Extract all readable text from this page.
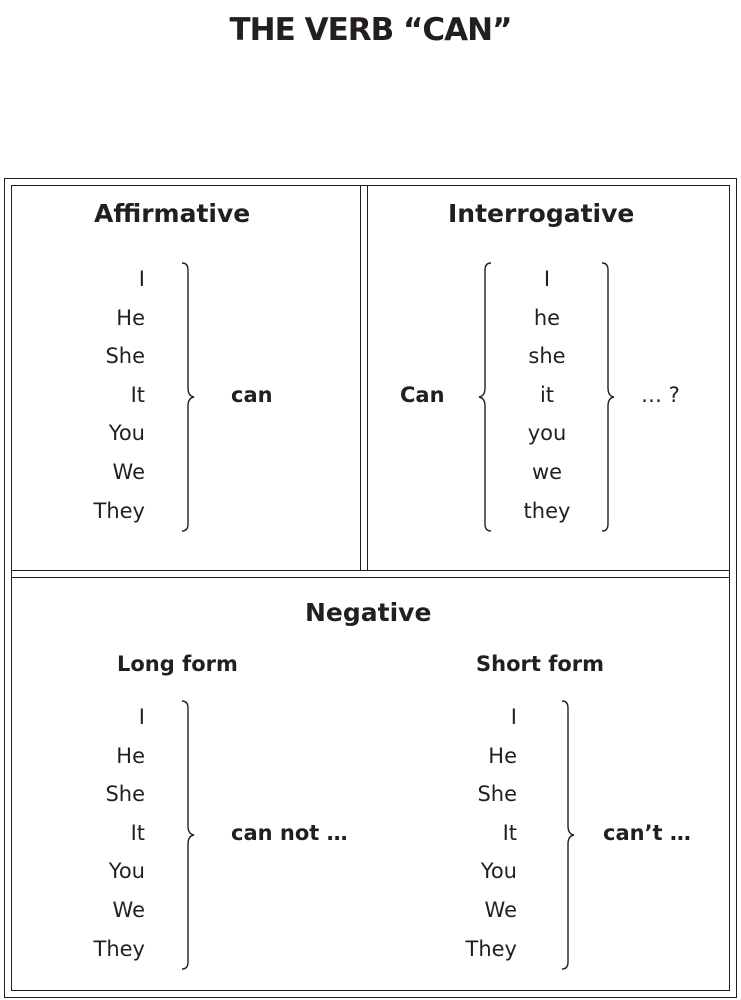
THE VERB “CAN”
Affirmative
I
He
She
It
You
We
They
can
Interrogative
Can
I
he
she
it
you
we
they
… ?
Negative
Long form
I
He
She
It
You
We
They
can not …
Short form
I
He
She
It
You
We
They
can’t …
